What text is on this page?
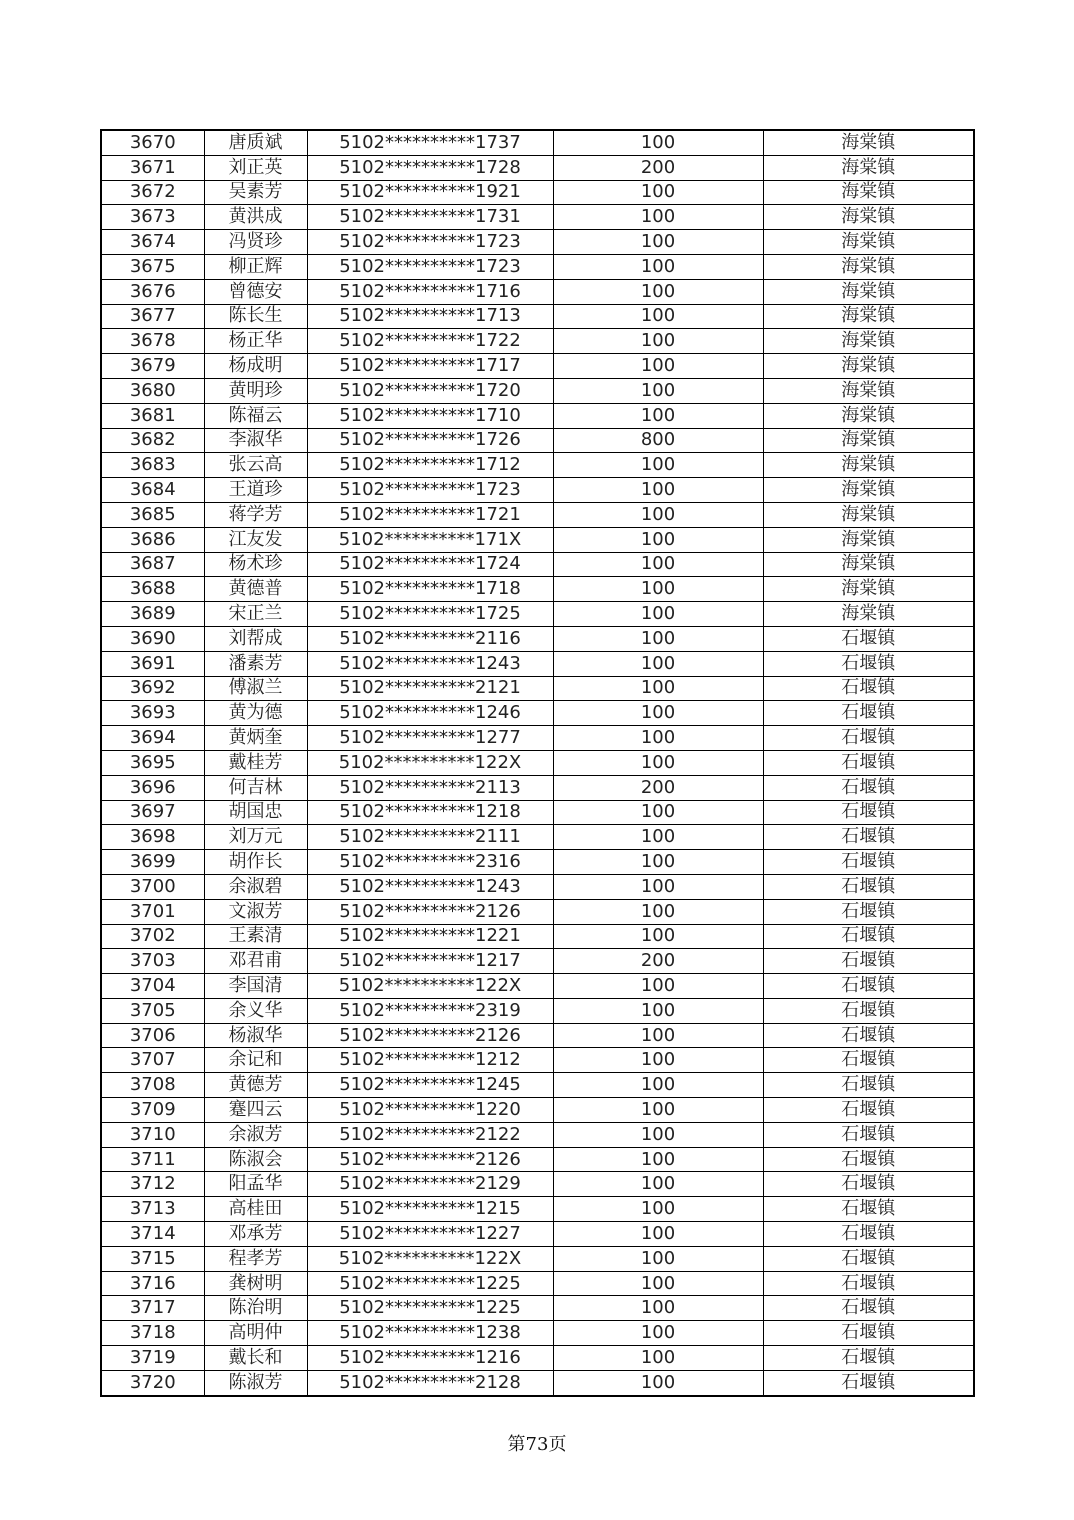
3670	唐质斌	5102**********1737	100	海棠镇
3671	刘正英	5102**********1728	200	海棠镇
3672	吴素芳	5102**********1921	100	海棠镇
3673	黄洪成	5102**********1731	100	海棠镇
3674	冯贤珍	5102**********1723	100	海棠镇
3675	柳正辉	5102**********1723	100	海棠镇
3676	曾德安	5102**********1716	100	海棠镇
3677	陈长生	5102**********1713	100	海棠镇
3678	杨正华	5102**********1722	100	海棠镇
3679	杨成明	5102**********1717	100	海棠镇
3680	黄明珍	5102**********1720	100	海棠镇
3681	陈福云	5102**********1710	100	海棠镇
3682	李淑华	5102**********1726	800	海棠镇
3683	张云高	5102**********1712	100	海棠镇
3684	王道珍	5102**********1723	100	海棠镇
3685	蒋学芳	5102**********1721	100	海棠镇
3686	江友发	5102**********171X	100	海棠镇
3687	杨术珍	5102**********1724	100	海棠镇
3688	黄德普	5102**********1718	100	海棠镇
3689	宋正兰	5102**********1725	100	海棠镇
3690	刘帮成	5102**********2116	100	石堰镇
3691	潘素芳	5102**********1243	100	石堰镇
3692	傅淑兰	5102**********2121	100	石堰镇
3693	黄为德	5102**********1246	100	石堰镇
3694	黄炳奎	5102**********1277	100	石堰镇
3695	戴桂芳	5102**********122X	100	石堰镇
3696	何吉林	5102**********2113	200	石堰镇
3697	胡国忠	5102**********1218	100	石堰镇
3698	刘万元	5102**********2111	100	石堰镇
3699	胡作长	5102**********2316	100	石堰镇
3700	余淑碧	5102**********1243	100	石堰镇
3701	文淑芳	5102**********2126	100	石堰镇
3702	王素清	5102**********1221	100	石堰镇
3703	邓君甫	5102**********1217	200	石堰镇
3704	李国清	5102**********122X	100	石堰镇
3705	余义华	5102**********2319	100	石堰镇
3706	杨淑华	5102**********2126	100	石堰镇
3707	余记和	5102**********1212	100	石堰镇
3708	黄德芳	5102**********1245	100	石堰镇
3709	蹇四云	5102**********1220	100	石堰镇
3710	余淑芳	5102**********2122	100	石堰镇
3711	陈淑会	5102**********2126	100	石堰镇
3712	阳孟华	5102**********2129	100	石堰镇
3713	高桂田	5102**********1215	100	石堰镇
3714	邓承芳	5102**********1227	100	石堰镇
3715	程孝芳	5102**********122X	100	石堰镇
3716	龚树明	5102**********1225	100	石堰镇
3717	陈治明	5102**********1225	100	石堰镇
3718	高明仲	5102**********1238	100	石堰镇
3719	戴长和	5102**********1216	100	石堰镇
3720	陈淑芳	5102**********2128	100	石堰镇
第73页
